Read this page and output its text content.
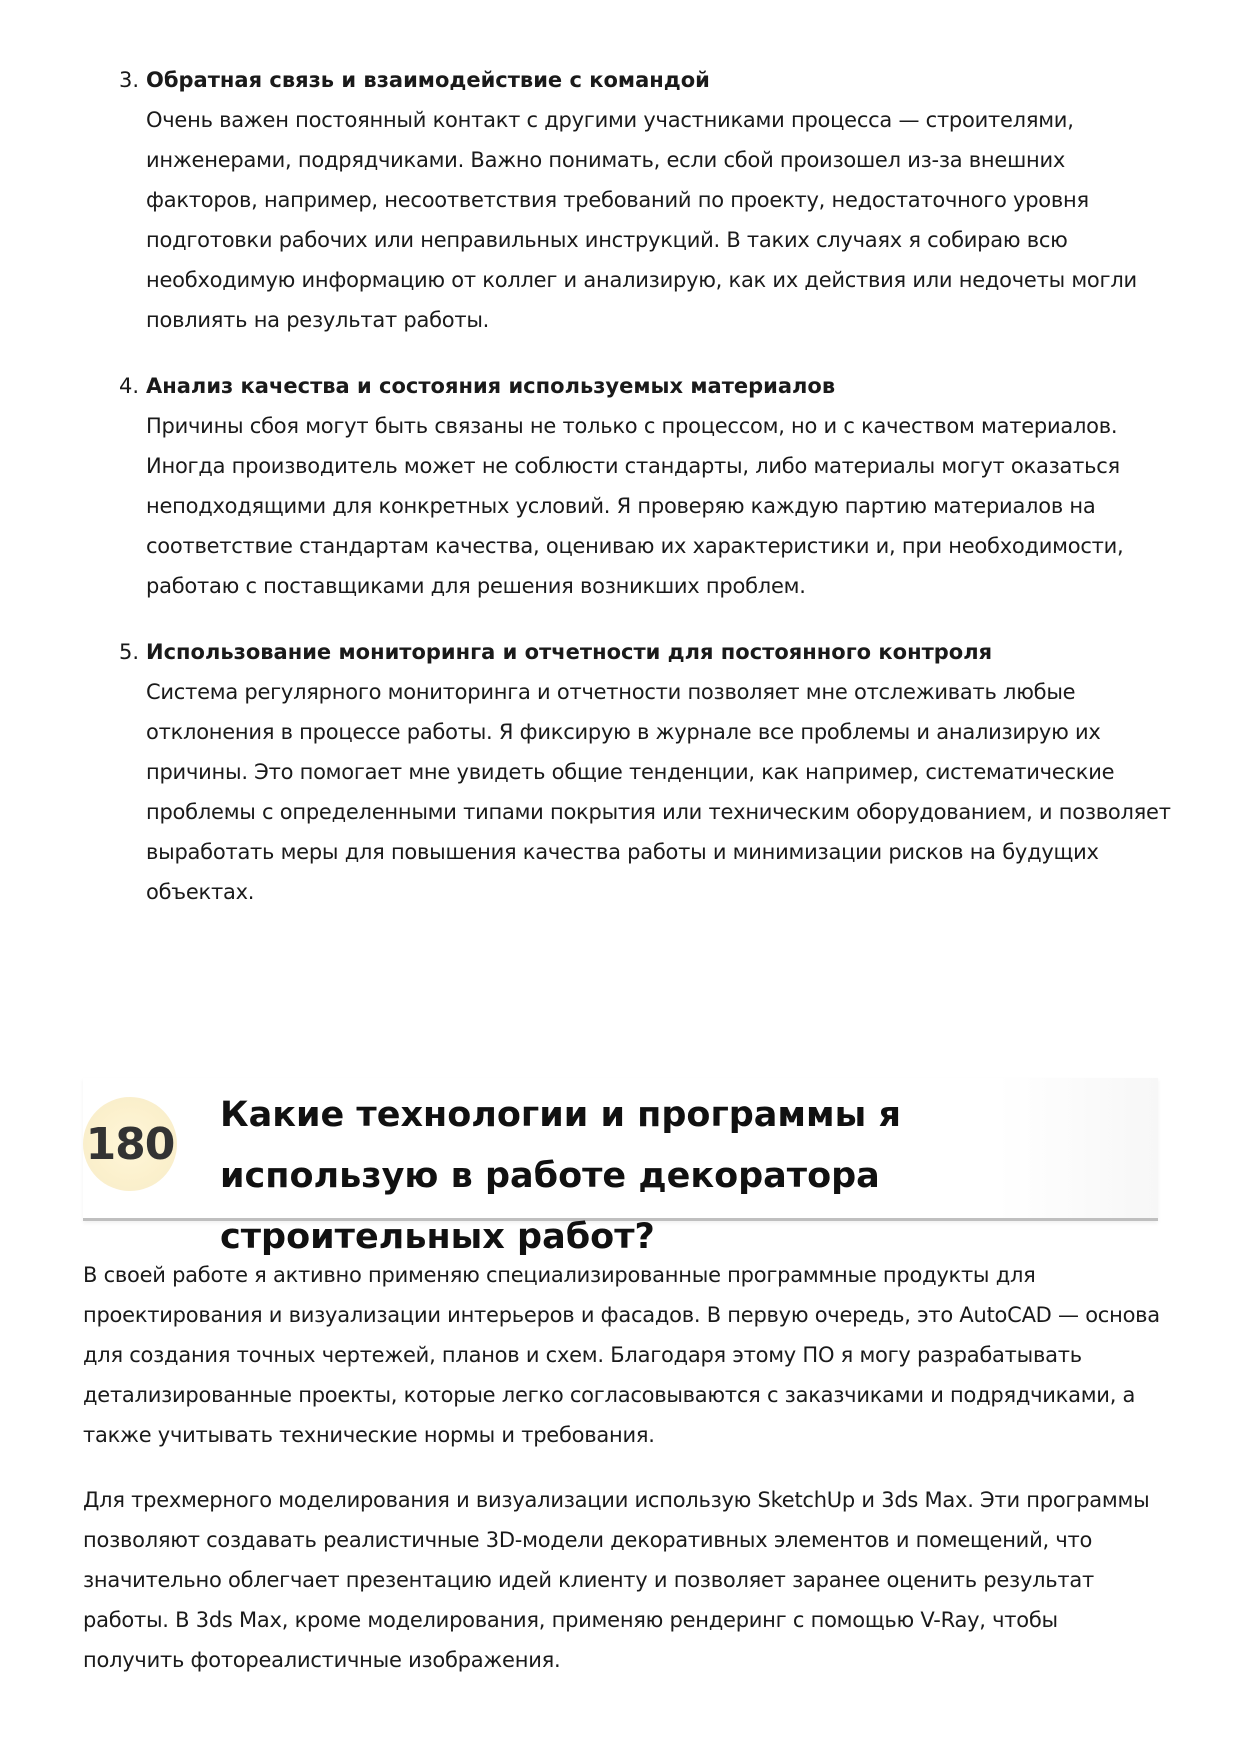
3. Обратная связь и взаимодействие с командой
Очень важен постоянный контакт с другими участниками процесса — строителями, инженерами, подрядчиками. Важно понимать, если сбой произошел из-за внешних факторов, например, несоответствия требований по проекту, недостаточного уровня подготовки рабочих или неправильных инструкций. В таких случаях я собираю всю необходимую информацию от коллег и анализирую, как их действия или недочеты могли повлиять на результат работы.
4. Анализ качества и состояния используемых материалов
Причины сбоя могут быть связаны не только с процессом, но и с качеством материалов. Иногда производитель может не соблюсти стандарты, либо материалы могут оказаться неподходящими для конкретных условий. Я проверяю каждую партию материалов на соответствие стандартам качества, оцениваю их характеристики и, при необходимости, работаю с поставщиками для решения возникших проблем.
5. Использование мониторинга и отчетности для постоянного контроля
Система регулярного мониторинга и отчетности позволяет мне отслеживать любые отклонения в процессе работы. Я фиксирую в журнале все проблемы и анализирую их причины. Это помогает мне увидеть общие тенденции, как например, систематические проблемы с определенными типами покрытия или техническим оборудованием, и позволяет выработать меры для повышения качества работы и минимизации рисков на будущих объектах.
180
Какие технологии и программы я использую в работе декоратора строительных работ?

В своей работе я активно применяю специализированные программные продукты для проектирования и визуализации интерьеров и фасадов. В первую очередь, это AutoCAD — основа для создания точных чертежей, планов и схем. Благодаря этому ПО я могу разрабатывать детализированные проекты, которые легко согласовываются с заказчиками и подрядчиками, а также учитывать технические нормы и требования.

Для трехмерного моделирования и визуализации использую SketchUp и 3ds Max. Эти программы позволяют создавать реалистичные 3D-модели декоративных элементов и помещений, что значительно облегчает презентацию идей клиенту и позволяет заранее оценить результат работы. В 3ds Max, кроме моделирования, применяю рендеринг с помощью V-Ray, чтобы получить фотореалистичные изображения.
